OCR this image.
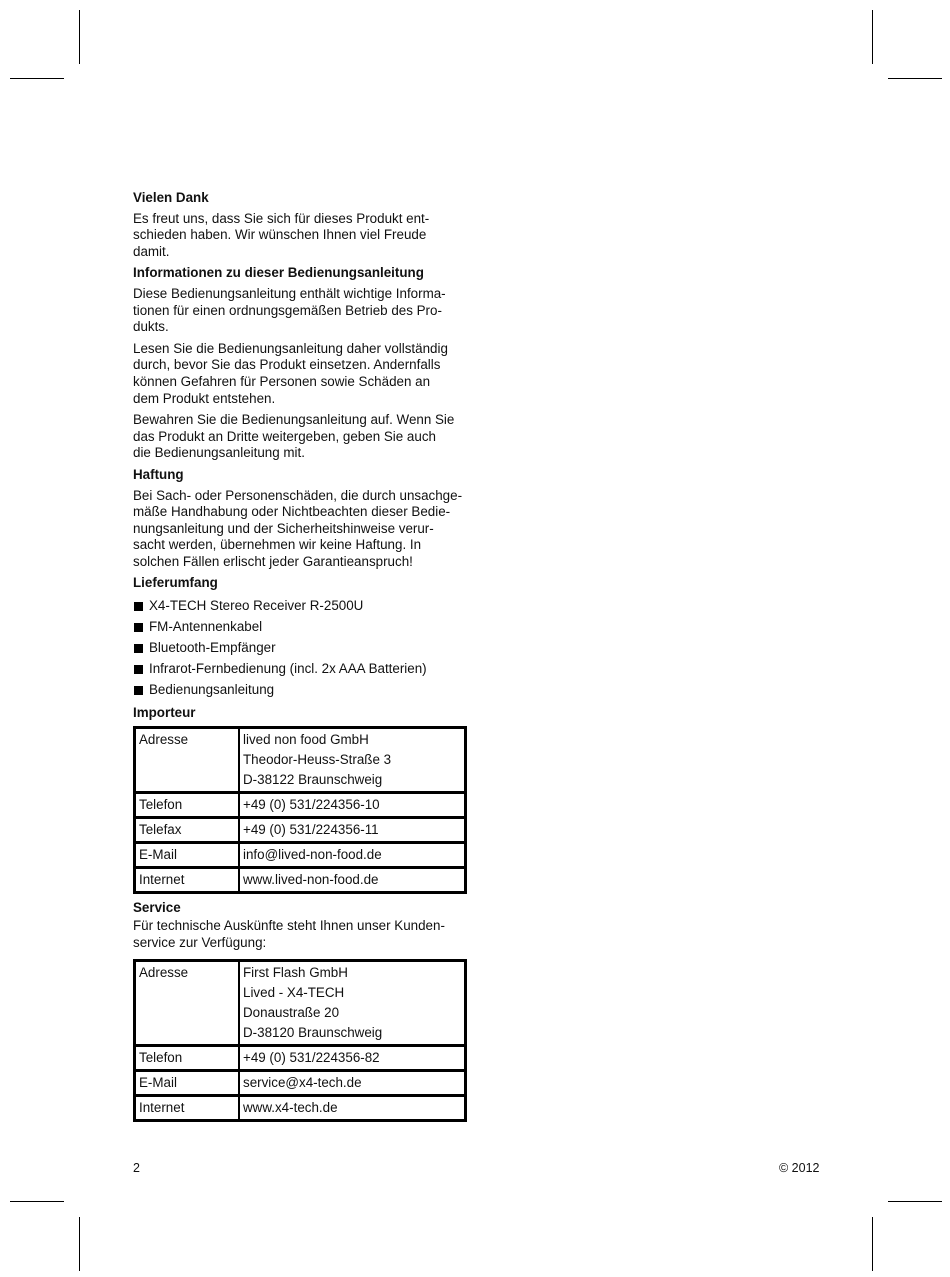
Vielen Dank
Es freut uns, dass Sie sich für dieses Produkt ent-
schieden haben. Wir wünschen Ihnen viel Freude
damit.
Informationen zu dieser Bedienungsanleitung
Diese Bedienungsanleitung enthält wichtige Informa-
tionen für einen ordnungsgemäßen Betrieb des Pro-
dukts.
Lesen Sie die Bedienungsanleitung daher vollständig
durch, bevor Sie das Produkt einsetzen. Andernfalls
können Gefahren für Personen sowie Schäden an
dem Produkt entstehen.
Bewahren Sie die Bedienungsanleitung auf. Wenn Sie
das Produkt an Dritte weitergeben, geben Sie auch
die Bedienungsanleitung mit.
Haftung
Bei Sach- oder Personenschäden, die durch unsachge-
mäße Handhabung oder Nichtbeachten dieser Bedie-
nungsanleitung und der Sicherheitshinweise verur-
sacht werden, übernehmen wir keine Haftung. In
solchen Fällen erlischt jeder Garantieanspruch!
Lieferumfang
X4-TECH Stereo Receiver R-2500U
FM-Antennenkabel
Bluetooth-Empfänger
Infrarot-Fernbedienung (incl. 2x AAA Batterien)
Bedienungsanleitung
Importeur
Adresse	lived non food GmbH
Theodor-Heuss-Straße 3
D-38122 Braunschweig

Telefon	+49 (0) 531/224356-10
Telefax	+49 (0) 531/224356-11
E-Mail	info@lived-non-food.de
Internet	www.lived-non-food.de
Service
Für technische Auskünfte steht Ihnen unser Kunden-
service zur Verfügung:
Adresse	First Flash GmbH
Lived - X4-TECH
Donaustraße 20
D-38120 Braunschweig

Telefon	+49 (0) 531/224356-82
E-Mail	service@x4-tech.de
Internet	www.x4-tech.de
2	© 2012
